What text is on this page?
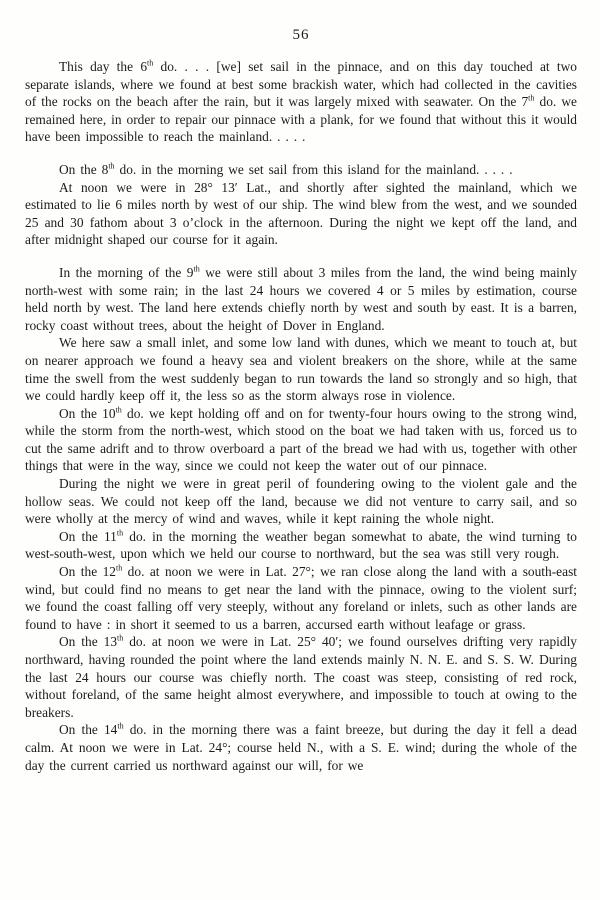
56

This day the 6th do. . . . [we] set sail in the pinnace, and on this day touched at two separate islands, where we found at best some brackish water, which had collected in the cavities of the rocks on the beach after the rain, but it was largely mixed with seawater. On the 7th do. we remained here, in order to repair our pinnace with a plank, for we found that without this it would have been impossible to reach the mainland. . . . .

On the 8th do. in the morning we set sail from this island for the mainland. . . . .

At noon we were in 28° 13′ Lat., and shortly after sighted the mainland, which we estimated to lie 6 miles north by west of our ship. The wind blew from the west, and we sounded 25 and 30 fathom about 3 o’clock in the afternoon. During the night we kept off the land, and after midnight shaped our course for it again.

In the morning of the 9th we were still about 3 miles from the land, the wind being mainly north-west with some rain; in the last 24 hours we covered 4 or 5 miles by estimation, course held north by west. The land here extends chiefly north by west and south by east. It is a barren, rocky coast without trees, about the height of Dover in England.

We here saw a small inlet, and some low land with dunes, which we meant to touch at, but on nearer approach we found a heavy sea and violent breakers on the shore, while at the same time the swell from the west suddenly began to run towards the land so strongly and so high, that we could hardly keep off it, the less so as the storm always rose in violence.

On the 10th do. we kept holding off and on for twenty-four hours owing to the strong wind, while the storm from the north-west, which stood on the boat we had taken with us, forced us to cut the same adrift and to throw overboard a part of the bread we had with us, together with other things that were in the way, since we could not keep the water out of our pinnace.

During the night we were in great peril of foundering owing to the violent gale and the hollow seas. We could not keep off the land, because we did not venture to carry sail, and so were wholly at the mercy of wind and waves, while it kept raining the whole night.

On the 11th do. in the morning the weather began somewhat to abate, the wind turning to west-south-west, upon which we held our course to northward, but the sea was still very rough.

On the 12th do. at noon we were in Lat. 27°; we ran close along the land with a south-east wind, but could find no means to get near the land with the pinnace, owing to the violent surf; we found the coast falling off very steeply, without any foreland or inlets, such as other lands are found to have : in short it seemed to us a barren, accursed earth without leafage or grass.

On the 13th do. at noon we were in Lat. 25° 40′; we found ourselves drifting very rapidly northward, having rounded the point where the land extends mainly N. N. E. and S. S. W. During the last 24 hours our course was chiefly north. The coast was steep, consisting of red rock, without foreland, of the same height almost everywhere, and impossible to touch at owing to the breakers.

On the 14th do. in the morning there was a faint breeze, but during the day it fell a dead calm. At noon we were in Lat. 24°; course held N., with a S. E. wind; during the whole of the day the current carried us northward against our will, for we
